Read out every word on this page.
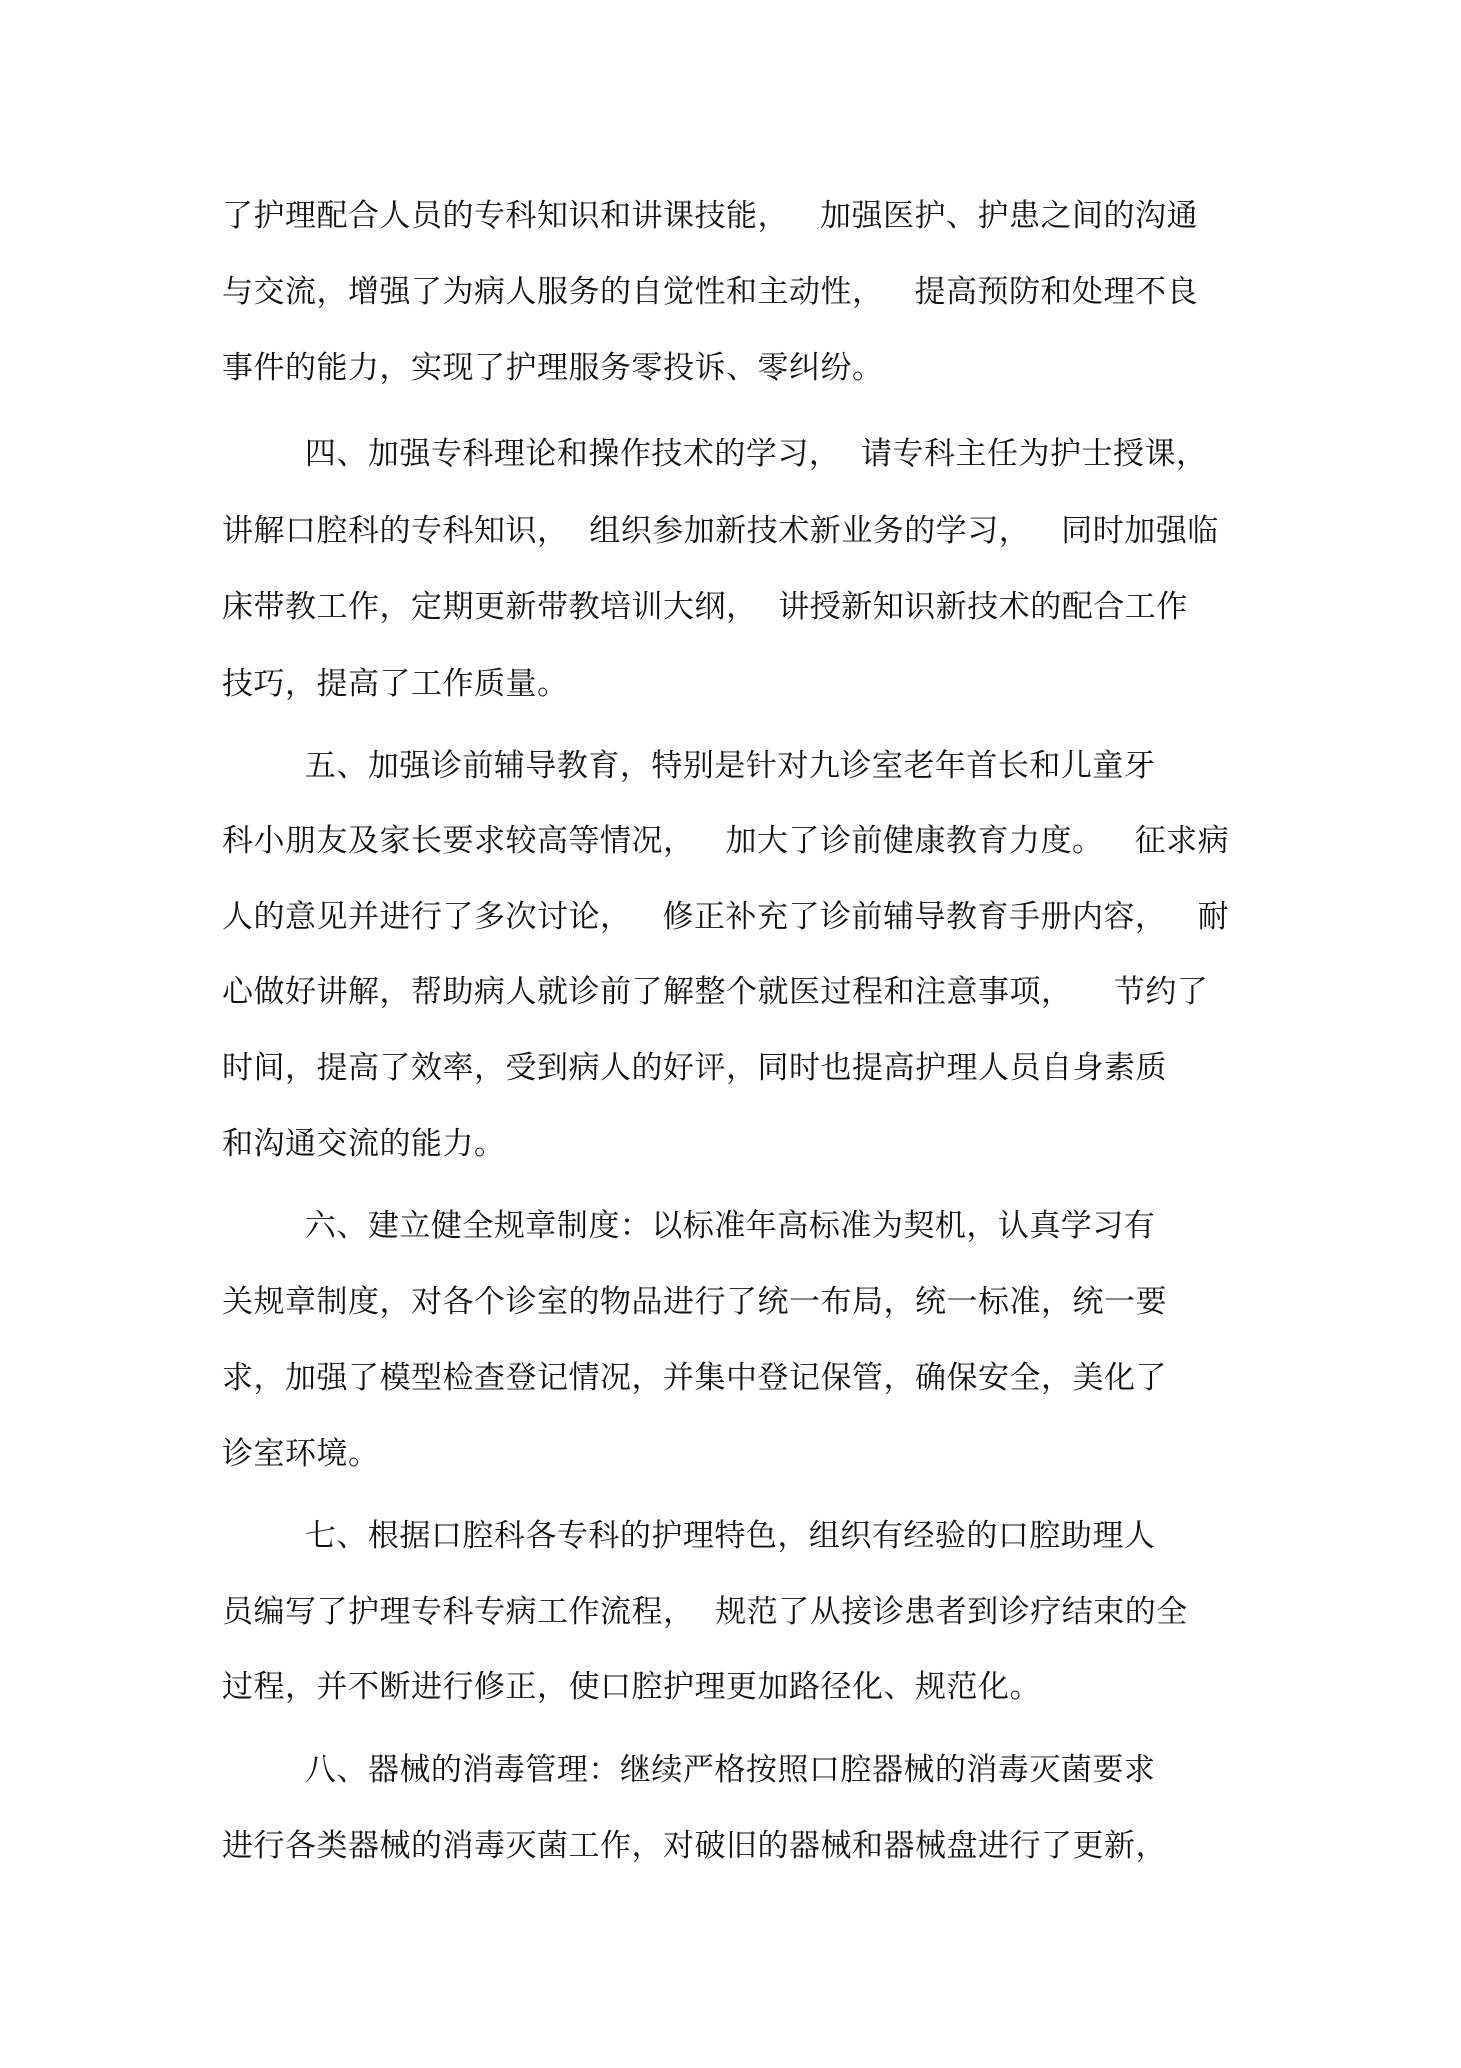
了护理配合人员的专科知识和讲课技能，   加强医护、护患之间的沟通
与交流，增强了为病人服务的自觉性和主动性，   提高预防和处理不良
事件的能力，实现了护理服务零投诉、零纠纷。
四、加强专科理论和操作技术的学习，  请专科主任为护士授课，
讲解口腔科的专科知识，  组织参加新技术新业务的学习，   同时加强临
床带教工作，定期更新带教培训大纲，  讲授新知识新技术的配合工作
技巧，提高了工作质量。
五、加强诊前辅导教育，特别是针对九诊室老年首长和儿童牙
科小朋友及家长要求较高等情况，   加大了诊前健康教育力度。   征求病
人的意见并进行了多次讨论，   修正补充了诊前辅导教育手册内容，   耐
心做好讲解，帮助病人就诊前了解整个就医过程和注意事项，    节约了
时间，提高了效率，受到病人的好评，同时也提高护理人员自身素质
和沟通交流的能力。
六、建立健全规章制度：以标准年高标准为契机，认真学习有
关规章制度，对各个诊室的物品进行了统一布局，统一标准，统一要
求，加强了模型检查登记情况，并集中登记保管，确保安全，美化了
诊室环境。
七、根据口腔科各专科的护理特色，组织有经验的口腔助理人
员编写了护理专科专病工作流程，  规范了从接诊患者到诊疗结束的全
过程，并不断进行修正，使口腔护理更加路径化、规范化。
八、器械的消毒管理：继续严格按照口腔器械的消毒灭菌要求
进行各类器械的消毒灭菌工作，对破旧的器械和器械盘进行了更新，
